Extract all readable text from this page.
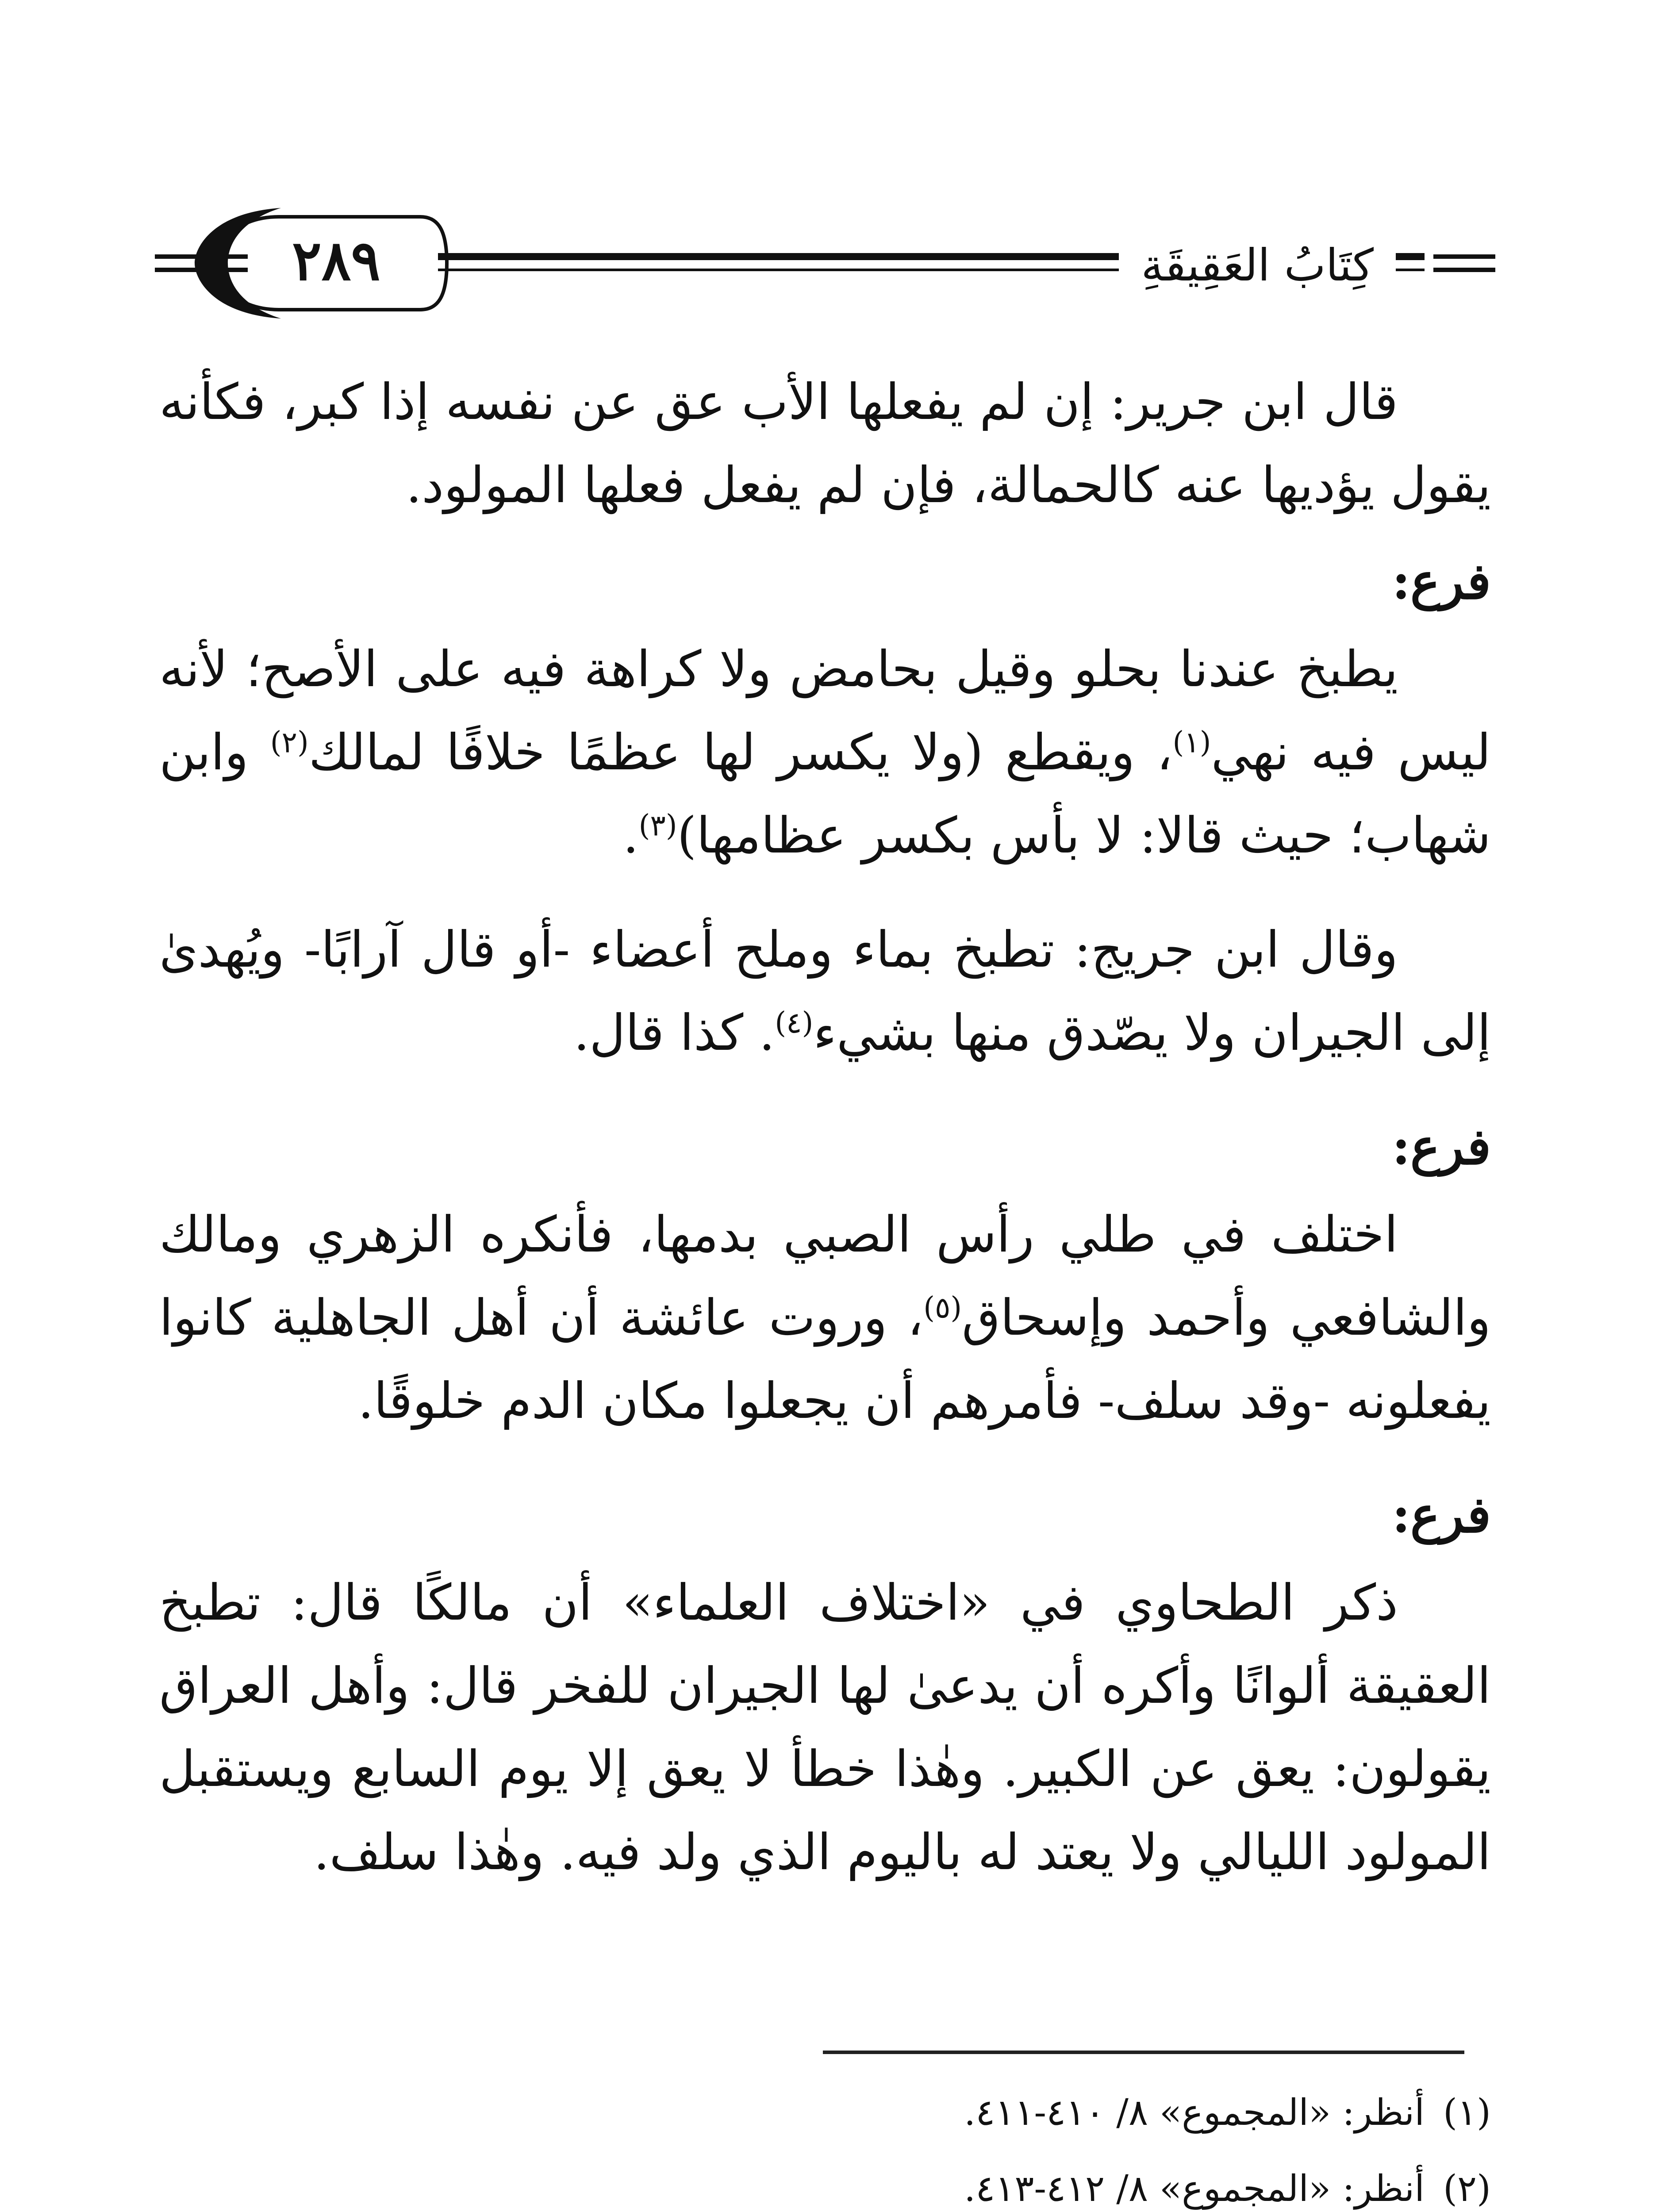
٢٨٩	كِتَابُ العَقِيقَةِ

قال ابن جرير: إن لم يفعلها الأب عق عن نفسه إذا كبر، فكأنه يقول يؤديها عنه كالحمالة، فإن لم يفعل فعلها المولود.

فرع:

يطبخ عندنا بحلو وقيل بحامض ولا كراهة فيه على الأصح؛ لأنه ليس فيه نهي$^{(١)}$، ويقطع (ولا يكسر لها عظمًا خلافًا لمالك$^{(٢)}$ وابن شهاب؛ حيث قالا: لا بأس بكسر عظامها)$^{(٣)}$.

وقال ابن جريج: تطبخ بماء وملح أعضاء -أو قال آرابًا- ويُهدىٰ إلى الجيران ولا يصّدق منها بشيء$^{(٤)}$. كذا قال.

فرع:

اختلف في طلي رأس الصبي بدمها، فأنكره الزهري ومالك والشافعي وأحمد وإسحاق$^{(٥)}$، وروت عائشة أن أهل الجاهلية كانوا يفعلونه -وقد سلف- فأمرهم أن يجعلوا مكان الدم خلوقًا.

فرع:

ذكر الطحاوي في «اختلاف العلماء» أن مالكًا قال: تطبخ العقيقة ألوانًا وأكره أن يدعىٰ لها الجيران للفخر قال: وأهل العراق يقولون: يعق عن الكبير. وهٰذا خطأ لا يعق إلا يوم السابع ويستقبل المولود الليالي ولا يعتد له باليوم الذي ولد فيه. وهٰذا سلف.

(١)أنظر: «المجموع» ٨/ ٤١٠-٤١١.

(٢)أنظر: «المجموع» ٨/ ٤١٢-٤١٣.
